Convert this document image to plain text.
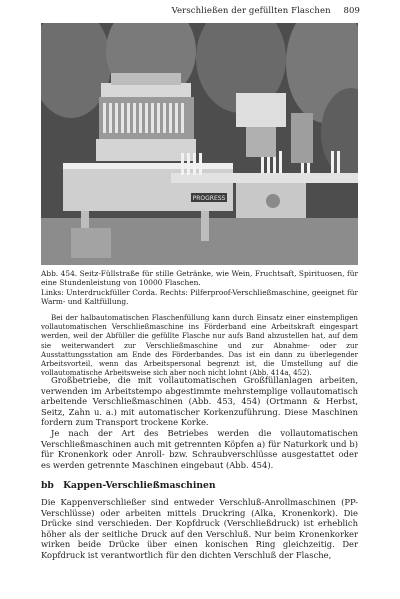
Verschließen der gefüllten Flaschen 809
PROGRESS

Abb. 454. Seitz-Füllstraße für stille Getränke, wie Wein, Fruchtsaft, Spirituosen, für eine Stundenleistung von 10000 Flaschen.

Links: Unterdruckfüller Corda. Rechts: Pilferproof-Verschließmaschine, geeignet für Warm- und Kaltfüllung.

Bei der halbautomatischen Flaschenfüllung kann durch Einsatz einer einstempligen vollautomatischen Verschließmaschine ins Förderband eine Arbeitskraft eingespart werden, weil der Abfüller die gefüllte Flasche nur aufs Band abzustellen hat, auf dem sie weiterwandert zur Verschließmaschine und zur Abnahme- oder zur Ausstattungsstation am Ende des Förderbandes. Das ist ein dann zu überlegender Arbeitsvorteil, wenn das Arbeitspersonal begrenzt ist, die Umstellung auf die vollautomatische Arbeitsweise sich aber noch nicht lohnt (Abb. 414a, 452).

Großbetriebe, die mit vollautomatischen Großfüllanlagen arbeiten, verwenden im Arbeitstempo abgestimmte mehrstemplige vollautomatisch arbeitende Verschließmaschinen (Abb. 453, 454) (Ortmann & Herbst, Seitz, Zahn u. a.) mit automatischer Korkenzuführung. Diese Maschinen fordern zum Transport trockene Korke.

Je nach der Art des Betriebes werden die vollautomatischen Verschließmaschinen auch mit getrennten Köpfen a) für Naturkork und b) für Kronenkork oder Anroll- bzw. Schraubverschlüsse ausgestattet oder es werden getrennte Maschinen eingebaut (Abb. 454).

bb Kappen-Verschließmaschinen

Die Kappenverschließer sind entweder Verschluß-Anrollmaschinen (PP-Verschlüsse) oder arbeiten mittels Druckring (Alka, Kronenkork). Die Drücke sind verschieden. Der Kopfdruck (Verschließdruck) ist erheblich höher als der seitliche Druck auf den Verschluß. Nur beim Kronenkorker wirken beide Drücke über einen konischen Ring gleichzeitig. Der Kopfdruck ist verantwortlich für den dichten Verschluß der Flasche,
